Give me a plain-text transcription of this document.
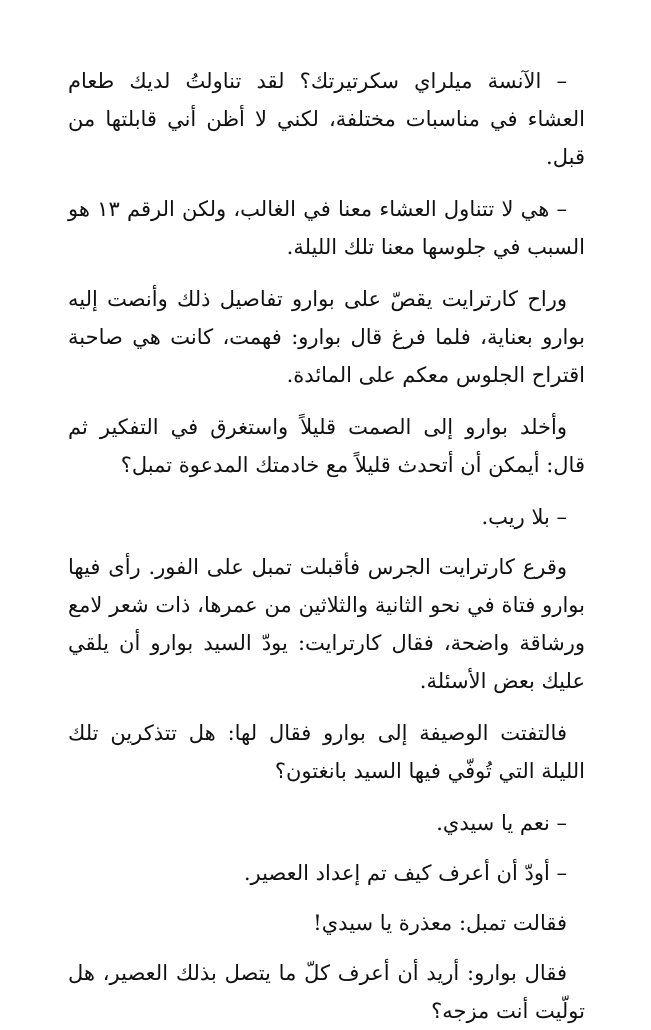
– الآنسة ميلراي سكرتيرتك؟ لقد تناولتُ لديك طعام العشاء في مناسبات مختلفة، لكني لا أظن أني قابلتها من قبل.

– هي لا تتناول العشاء معنا في الغالب، ولكن الرقم ١٣ هو السبب في جلوسها معنا تلك الليلة.

وراح كارترايت يقصّ على بوارو تفاصيل ذلك وأنصت إليه بوارو بعناية، فلما فرغ قال بوارو: فهمت، كانت هي صاحبة اقتراح الجلوس معكم على المائدة.

وأخلد بوارو إلى الصمت قليلاً واستغرق في التفكير ثم قال: أيمكن أن أتحدث قليلاً مع خادمتك المدعوة تمبل؟

– بلا ريب.

وقرع كارترايت الجرس فأقبلت تمبل على الفور. رأى فيها بوارو فتاة في نحو الثانية والثلاثين من عمرها، ذات شعر لامع ورشاقة واضحة، فقال كارترايت: يودّ السيد بوارو أن يلقي عليك بعض الأسئلة.

فالتفتت الوصيفة إلى بوارو فقال لها: هل تتذكرين تلك الليلة التي تُوفّي فيها السيد بانغتون؟

– نعم يا سيدي.

– أودّ أن أعرف كيف تم إعداد العصير.

فقالت تمبل: معذرة يا سيدي!

فقال بوارو: أريد أن أعرف كلّ ما يتصل بذلك العصير، هل تولّيت أنت مزجه؟
